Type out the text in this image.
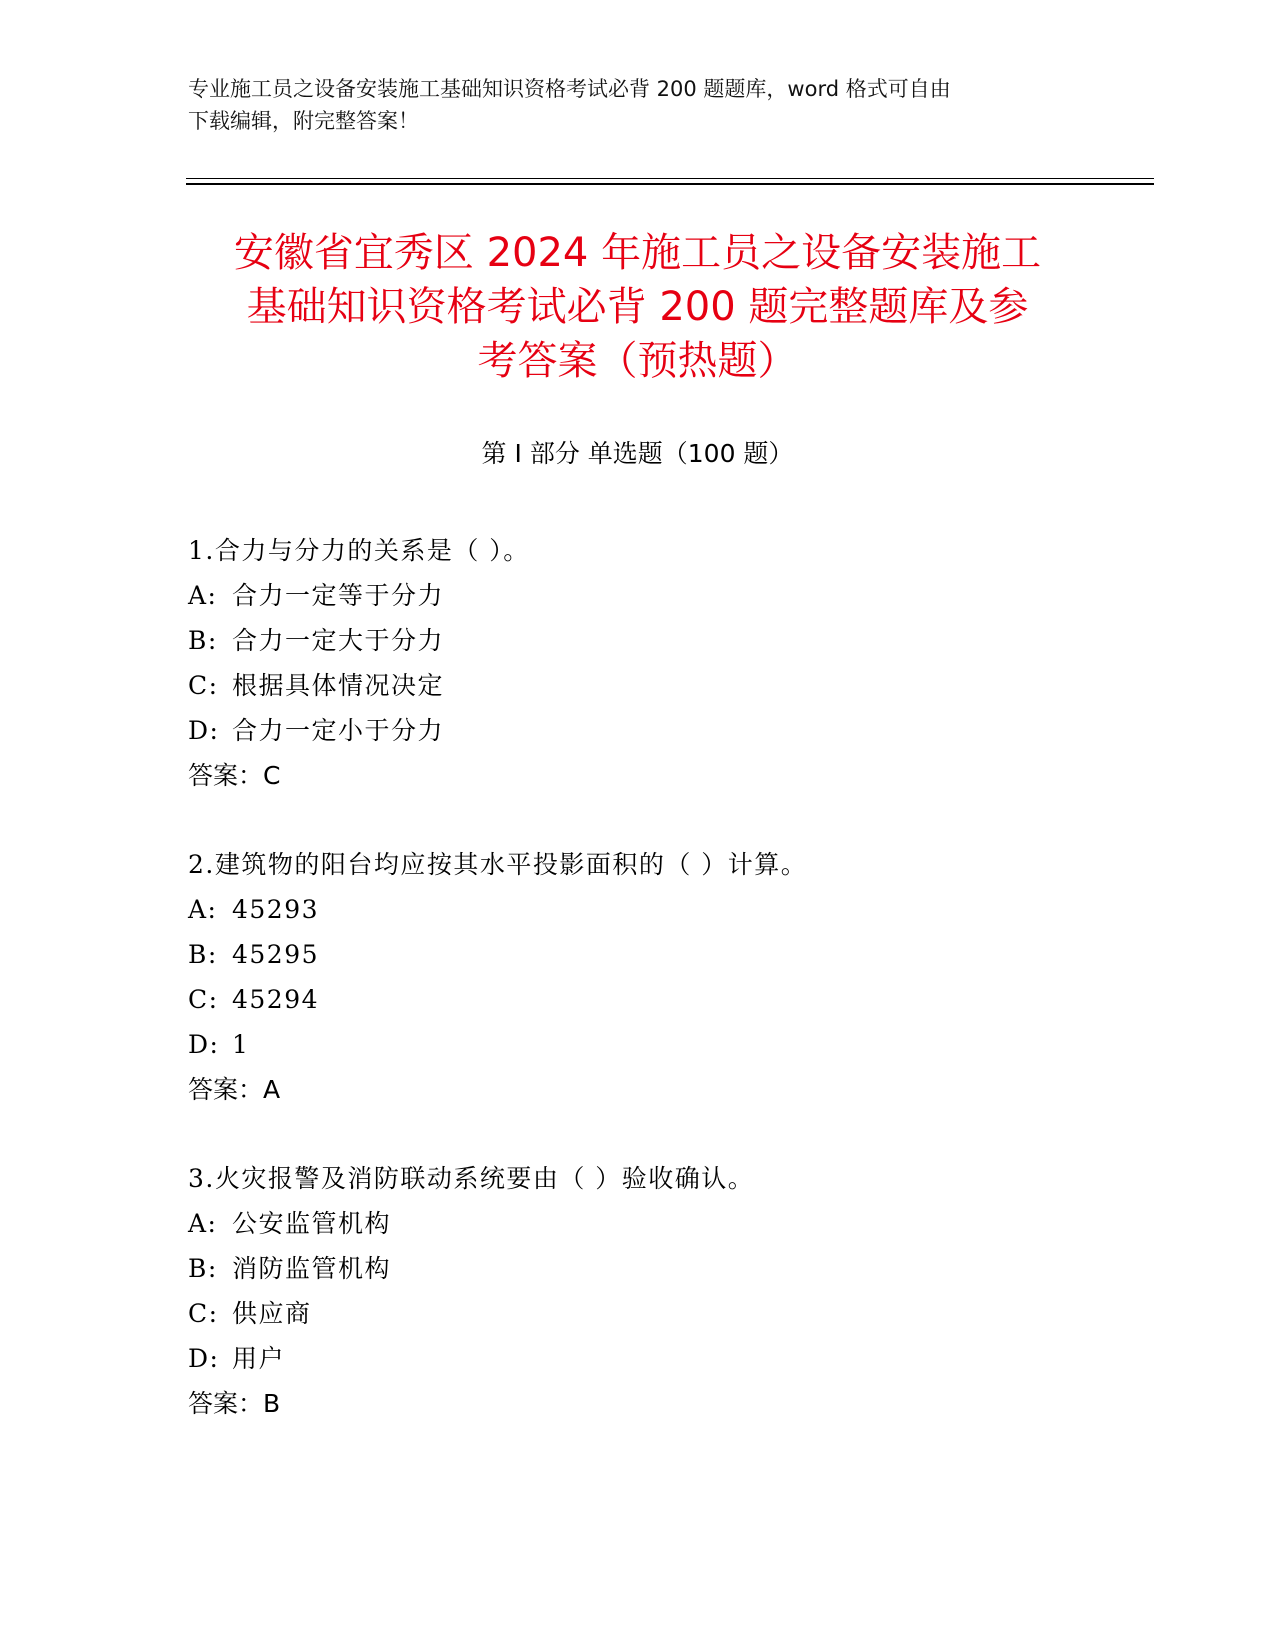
专业施工员之设备安装施工基础知识资格考试必背 200 题题库，word 格式可自由
下载编辑，附完整答案！
安徽省宜秀区 2024 年施工员之设备安装施工
基础知识资格考试必背 200 题完整题库及参
考答案（预热题）
第 I 部分 单选题（100 题）
1.合力与分力的关系是（ ）。
A: 合力一定等于分力
B: 合力一定大于分力
C: 根据具体情况决定
D: 合力一定小于分力
答案：C
2.建筑物的阳台均应按其水平投影面积的（ ）计算。
A: 45293
B: 45295
C: 45294
D: 1
答案：A
3.火灾报警及消防联动系统要由（ ）验收确认。
A: 公安监管机构
B: 消防监管机构
C: 供应商
D: 用户
答案：B
